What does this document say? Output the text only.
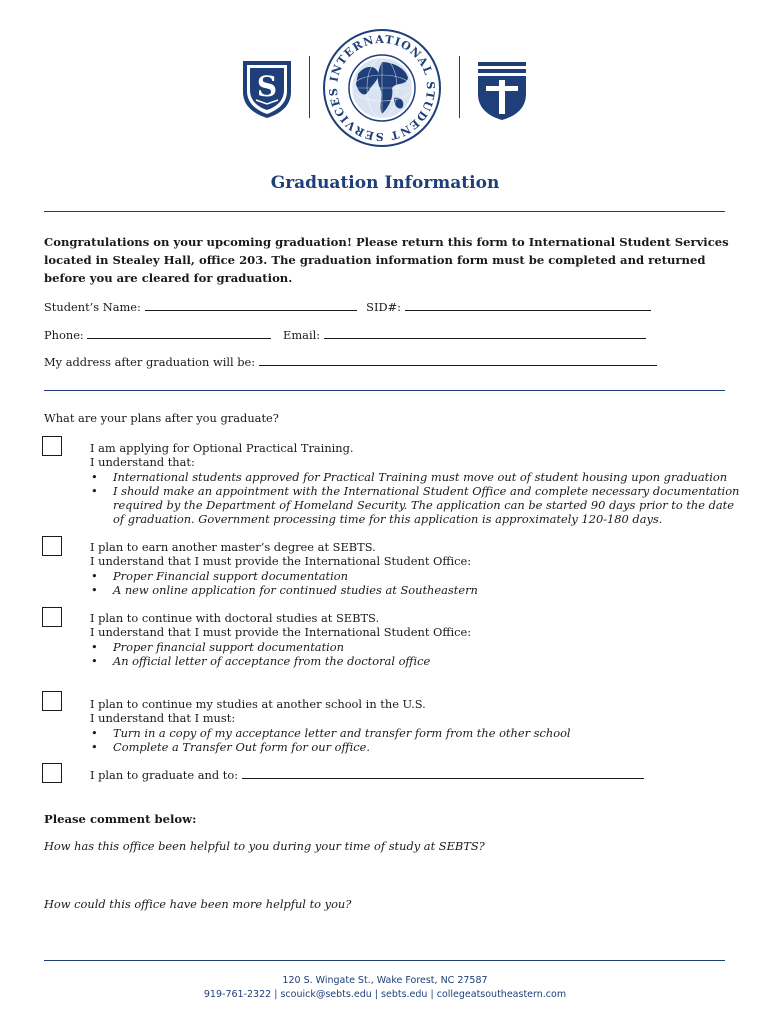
S	INTERNATIONAL STUDENT SERVICES
Graduation Information
Congratulations on your upcoming graduation! Please return this form to International Student Services located in Stealey Hall, office 203. The graduation information form must be completed and returned before you are cleared for graduation.
Student’s Name:	SID#:
Phone:	Email:
My address after graduation will be:
What are your plans after you graduate?
I am applying for Optional Practical Training.
I understand that:
• International students approved for Practical Training must move out of student housing upon graduation
• I should make an appointment with the International Student Office and complete necessary documentation required by the Department of Homeland Security. The application can be started 90 days prior to the date of graduation. Government processing time for this application is approximately 120-180 days.
I plan to earn another master’s degree at SEBTS.
I understand that I must provide the International Student Office:
• Proper Financial support documentation
• A new online application for continued studies at Southeastern
I plan to continue with doctoral studies at SEBTS.
I understand that I must provide the International Student Office:
• Proper financial support documentation
• An official letter of acceptance from the doctoral office
I plan to continue my studies at another school in the U.S.
I understand that I must:
• Turn in a copy of my acceptance letter and transfer form from the other school
• Complete a Transfer Out form for our office.
I plan to graduate and to:
Please comment below:
How has this office been helpful to you during your time of study at SEBTS?
How could this office have been more helpful to you?
120 S. Wingate St., Wake Forest, NC 27587
919-761-2322 | scouick@sebts.edu | sebts.edu | collegeatsoutheastern.com
